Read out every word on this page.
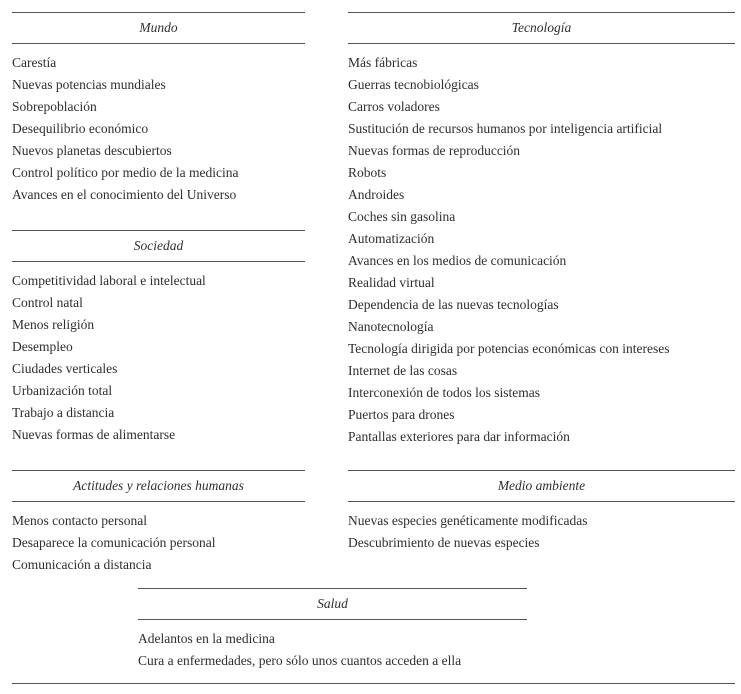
Mundo
Carestía
Nuevas potencias mundiales
Sobrepoblación
Desequilibrio económico
Nuevos planetas descubiertos
Control político por medio de la medicina
Avances en el conocimiento del Universo
Sociedad
Competitividad laboral e intelectual
Control natal
Menos religión
Desempleo
Ciudades verticales
Urbanización total
Trabajo a distancia
Nuevas formas de alimentarse
Actitudes y relaciones humanas
Menos contacto personal
Desaparece la comunicación personal
Comunicación a distancia
Tecnología
Más fábricas
Guerras tecnobiológicas
Carros voladores
Sustitución de recursos humanos por inteligencia artificial
Nuevas formas de reproducción
Robots
Androides
Coches sin gasolina
Automatización
Avances en los medios de comunicación
Realidad virtual
Dependencia de las nuevas tecnologías
Nanotecnología
Tecnología dirigida por potencias económicas con intereses
Internet de las cosas
Interconexión de todos los sistemas
Puertos para drones
Pantallas exteriores para dar información
Medio ambiente
Nuevas especies genéticamente modificadas
Descubrimiento de nuevas especies
Salud
Adelantos en la medicina
Cura a enfermedades, pero sólo unos cuantos acceden a ella
